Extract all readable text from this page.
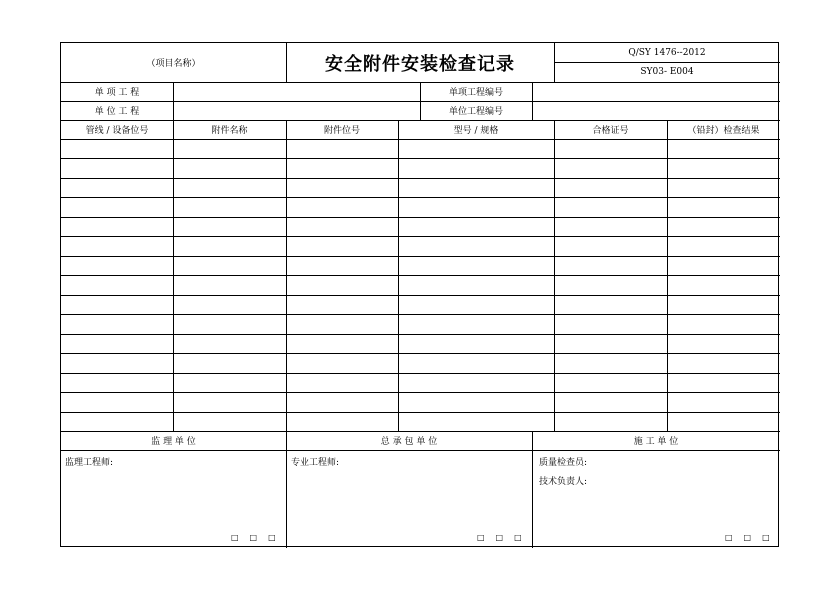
（项目名称）	安全附件安装检查记录
Q/SY 1476--2012
SY03- E004
单 项 工 程	单项工程编号
单 位 工 程	单位工程编号
管线 / 设备位号	附件名称	附件位号	型号 / 规格	合格证号	（铅封）检查结果
监 理 单 位	总 承 包 单 位	施 工 单 位
监理工程师:
□□□
专业工程师:
□□□
质量检查员:
技术负责人:
□□□
